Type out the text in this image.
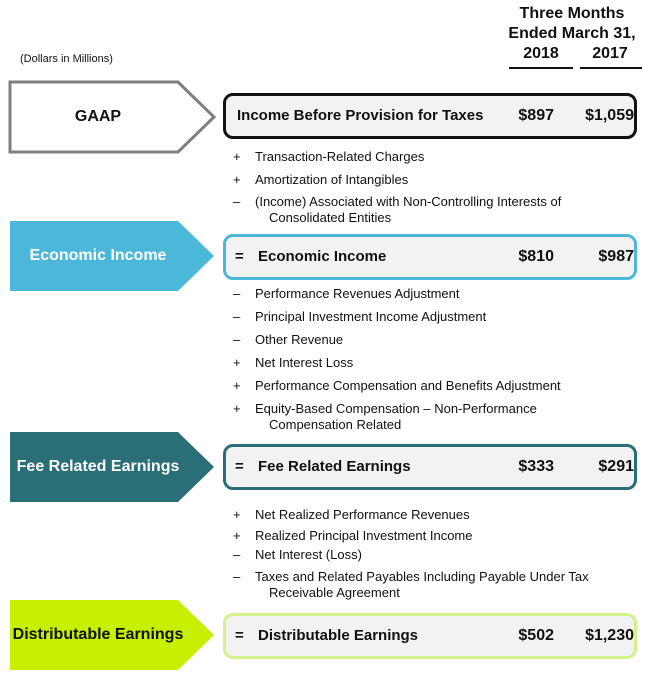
Three Months
Ended March 31,
2018	2017
(Dollars in Millions)
GAAP	Income Before Provision for Taxes $897 $1,059
+	Transaction-Related Charges
+	Amortization of Intangibles
–	(Income) Associated with Non-Controlling Interests of
Consolidated Entities
Economic Income	= Economic Income	$810	$987
–	Performance Revenues Adjustment
–	Principal Investment Income Adjustment
–	Other Revenue
+	Net Interest Loss
+	Performance Compensation and Benefits Adjustment
+	Equity-Based Compensation – Non-Performance
Compensation Related
Fee Related Earnings	= Fee Related Earnings	$333	$291
+	Net Realized Performance Revenues
+	Realized Principal Investment Income
–	Net Interest (Loss)
–	Taxes and Related Payables Including Payable Under Tax
Receivable Agreement
Distributable Earnings	= Distributable Earnings	$502 $1,230
